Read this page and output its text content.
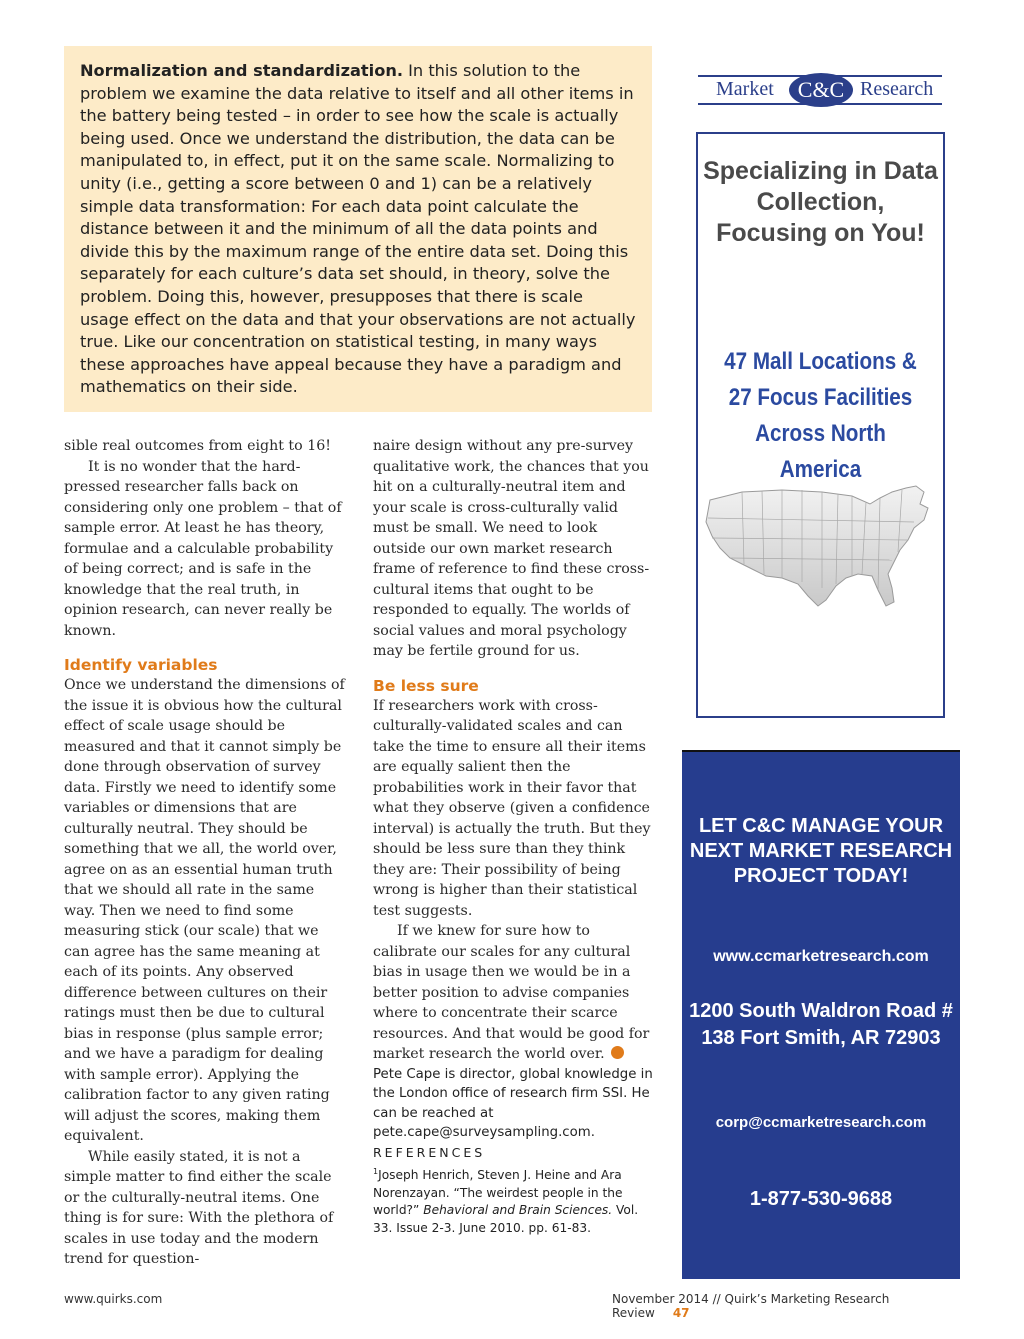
Normalization and standardization. In this solution to the problem we examine the data relative to itself and all other items in the battery being tested – in order to see how the scale is actually being used. Once we understand the distribution, the data can be manipulated to, in effect, put it on the same scale. Normalizing to unity (i.e., getting a score between 0 and 1) can be a relatively simple data transformation: For each data point calculate the distance between it and the minimum of all the data points and divide this by the maximum range of the entire data set. Doing this separately for each culture’s data set should, in theory, solve the problem. Doing this, however, presupposes that there is scale usage effect on the data and that your observations are not actually true. Like our concentration on statistical testing, in many ways these approaches have appeal because they have a paradigm and mathematics on their side.

sible real outcomes from eight to 16!

It is no wonder that the hard-pressed researcher falls back on considering only one problem – that of sample error. At least he has theory, formulae and a calculable probability of being correct; and is safe in the knowledge that the real truth, in opinion research, can never really be known.

Identify variables

Once we understand the dimensions of the issue it is obvious how the cultural effect of scale usage should be measured and that it cannot simply be done through observation of survey data. Firstly we need to identify some variables or dimensions that are culturally neutral. They should be something that we all, the world over, agree on as an essential human truth that we should all rate in the same way. Then we need to find some measuring stick (our scale) that we can agree has the same meaning at each of its points. Any observed difference between cultures on their ratings must then be due to cultural bias in response (plus sample error; and we have a paradigm for dealing with sample error). Applying the calibration factor to any given rating will adjust the scores, making them equivalent.

While easily stated, it is not a simple matter to find either the scale or the culturally-neutral items. One thing is for sure: With the plethora of scales in use today and the modern trend for question-

naire design without any pre-survey qualitative work, the chances that you hit on a culturally-neutral item and your scale is cross-culturally valid must be small. We need to look outside our own market research frame of reference to find these cross-cultural items that ought to be responded to equally. The worlds of social values and moral psychology may be fertile ground for us.

Be less sure

If researchers work with cross-culturally-validated scales and can take the time to ensure all their items are equally salient then the probabilities work in their favor that what they observe (given a confidence interval) is actually the truth. But they should be less sure than they think they are: Their possibility of being wrong is higher than their statistical test suggests.

If we knew for sure how to calibrate our scales for any cultural bias in usage then we would be in a better position to advise companies where to concentrate their scarce resources. And that would be good for market research the world over.

Pete Cape is director, global knowledge in the London office of research firm SSI. He can be reached at pete.cape@surveysampling.com.

REFERENCES

$^1$Joseph Henrich, Steven J. Heine and Ara Norenzayan. “The weirdest people in the world?” Behavioral and Brain Sciences. Vol. 33. Issue 2-3. June 2010. pp. 61-83.

Market	C&C Research
Specializing in Data Collection, Focusing on You!
47 Mall Locations & 27 Focus Facilities Across North America
LET C&C MANAGE YOUR NEXT MARKET RESEARCH PROJECT TODAY!
www.ccmarketresearch.com
1200 South Waldron Road # 138 Fort Smith, AR 72903
corp@ccmarketresearch.com
1-877-530-9688
www.quirks.com	November 2014 // Quirk’s Marketing Research Review 47
